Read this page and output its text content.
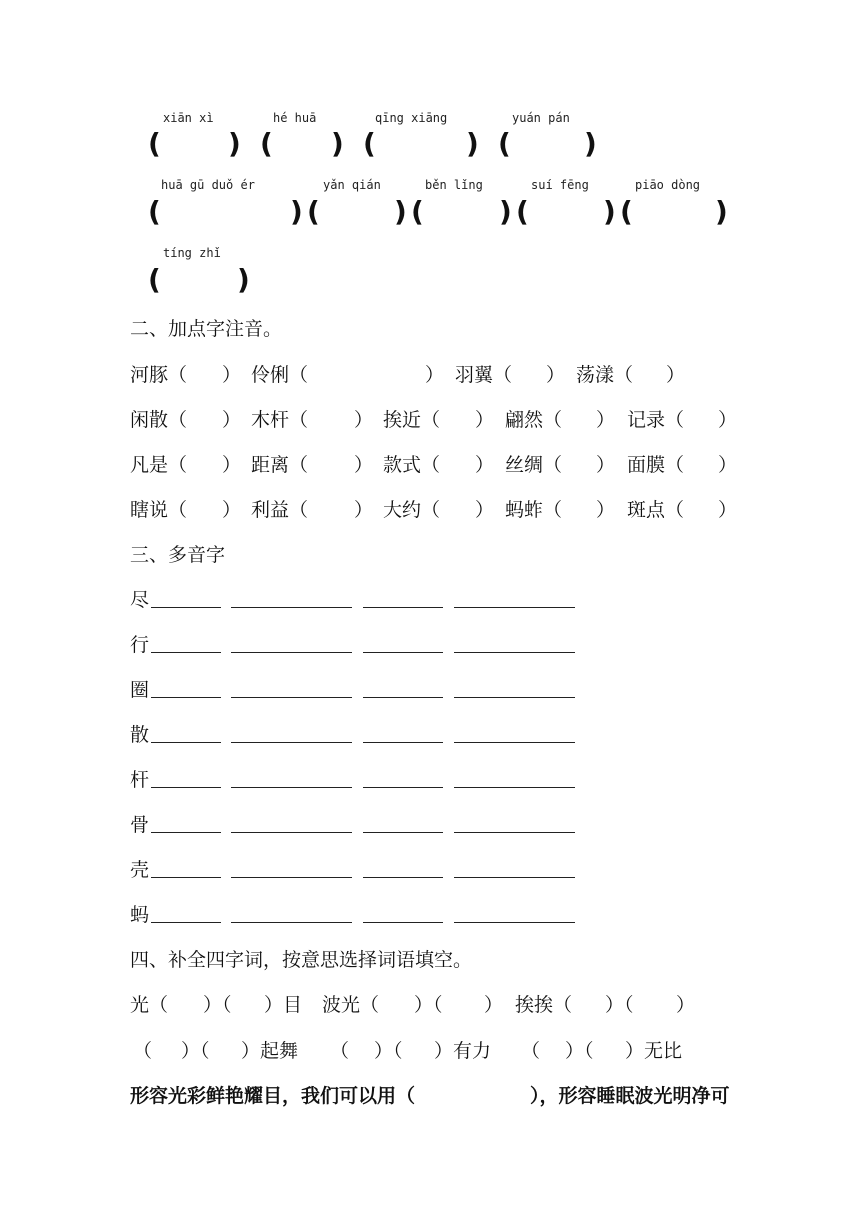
xiān xì	hé huā	qīng xiāng	yuán pán
( ) ( ) (	) (	)
huā gū duǒ ér	yǎn qián	běn lǐng	suí fēng	piāo dòng
(	) (	) (	) (	) (	)
tíng zhǐ
(	)
二、加点字注音。
河豚（ ） 伶俐（	） 羽翼（ ） 荡漾（ ）
闲散（ ） 木杆（ ） 挨近（ ） 翩然（ ） 记录（ ）
凡是（ ） 距离（ ） 款式（ ） 丝绸（ ） 面膜（ ）
瞎说（ ） 利益（ ） 大约（ ） 蚂蚱（ ） 斑点（ ）
三、多音字
尽
行
圈
散
杆
骨
壳
蚂
四、补全四字词，按意思选择词语填空。
光（ ）（ ）目 波光（ ）（ ） 挨挨（ ）（ ）
（ ）（ ）起舞 （ ）（ ）有力 （ ）（ ）无比
形容光彩鲜艳耀目，我们可以用（	），形容睡眠波光明净可
